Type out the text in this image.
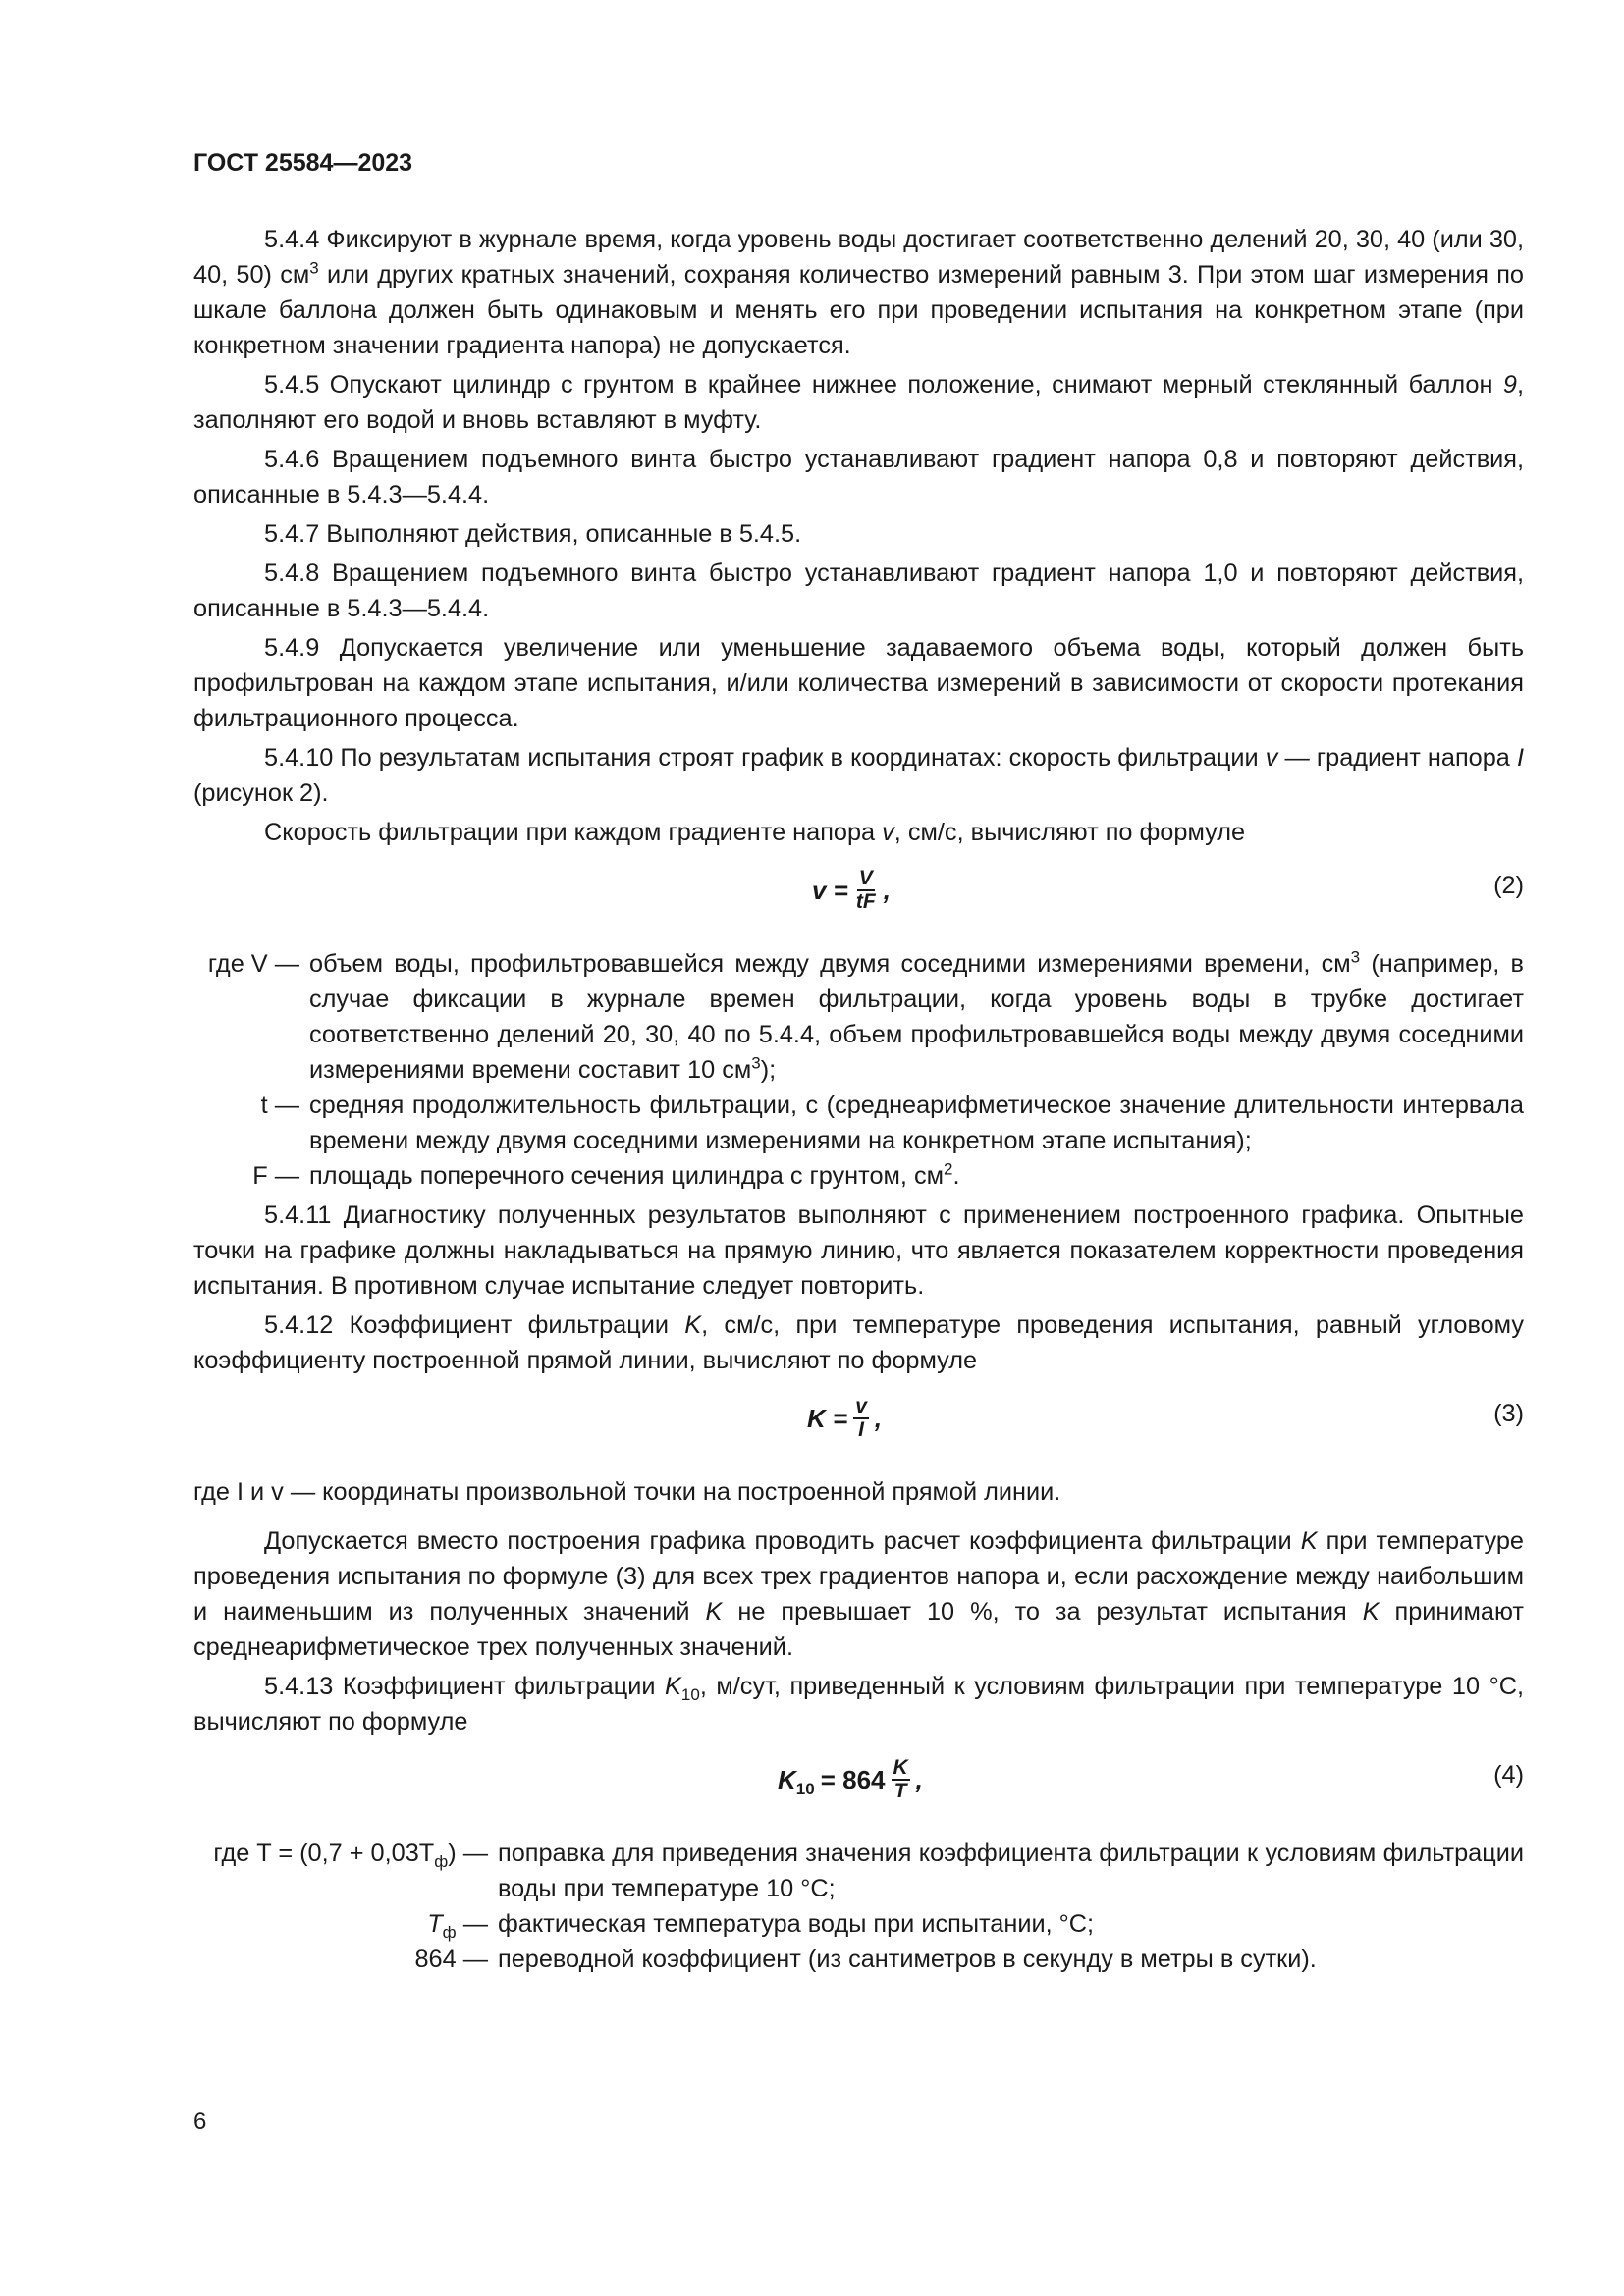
ГОСТ 25584—2023

5.4.4 Фиксируют в журнале время, когда уровень воды достигает соответственно делений 20, 30, 40 (или 30, 40, 50) $см^3$ или других кратных значений, сохраняя количество измерений равным 3. При этом шаг измерения по шкале баллона должен быть одинаковым и менять его при проведении испытания на конкретном этапе (при конкретном значении градиента напора) не допускается.

5.4.5 Опускают цилиндр с грунтом в крайнее нижнее положение, снимают мерный стеклянный баллон 9, заполняют его водой и вновь вставляют в муфту.

5.4.6 Вращением подъемного винта быстро устанавливают градиент напора 0,8 и повторяют действия, описанные в 5.4.3—5.4.4.

5.4.7 Выполняют действия, описанные в 5.4.5.

5.4.8 Вращением подъемного винта быстро устанавливают градиент напора 1,0 и повторяют действия, описанные в 5.4.3—5.4.4.

5.4.9 Допускается увеличение или уменьшение задаваемого объема воды, который должен быть профильтрован на каждом этапе испытания, и/или количества измерений в зависимости от скорости протекания фильтрационного процесса.

5.4.10 По результатам испытания строят график в координатах: скорость фильтрации v — градиент напора I (рисунок 2).

Скорость фильтрации при каждом градиенте напора v, см/с, вычисляют по формуле

$v = \frac{V}{tF}$ ,	(2)
где V — объем воды, профильтровавшейся между двумя соседними измерениями времени, $см^3$ (например, в случае фиксации в журнале времен фильтрации, когда уровень воды в трубке достигает соответственно делений 20, 30, 40 по 5.4.4, объем профильтровавшейся воды между двумя соседними измерениями времени составит 10 $см^3$);
t — средняя продолжительность фильтрации, с (среднеарифметическое значение длительности интервала времени между двумя соседними измерениями на конкретном этапе испытания);
F — площадь поперечного сечения цилиндра с грунтом, $см^2$.

5.4.11 Диагностику полученных результатов выполняют с применением построенного графика. Опытные точки на графике должны накладываться на прямую линию, что является показателем корректности проведения испытания. В противном случае испытание следует повторить.

5.4.12 Коэффициент фильтрации K, см/с, при температуре проведения испытания, равный угловому коэффициенту построенной прямой линии, вычисляют по формуле

$K = \frac{v}{I}$ ,	(3)

где I и v — координаты произвольной точки на построенной прямой линии.

Допускается вместо построения графика проводить расчет коэффициента фильтрации K при температуре проведения испытания по формуле (3) для всех трех градиентов напора и, если расхождение между наибольшим и наименьшим из полученных значений K не превышает 10 %, то за результат испытания K принимают среднеарифметическое трех полученных значений.

5.4.13 Коэффициент фильтрации $K_{10}$, м/сут, приведенный к условиям фильтрации при температуре 10 °C, вычисляют по формуле

$K_{10} = 864 \frac{K}{T}$ ,	(4)
где $T = (0,7 + 0,03T_ф)$ — поправка для приведения значения коэффициента фильтрации к условиям фильтрации воды при температуре 10 °C;
$T_ф$ — фактическая температура воды при испытании, °C;
864 — переводной коэффициент (из сантиметров в секунду в метры в сутки).
6
